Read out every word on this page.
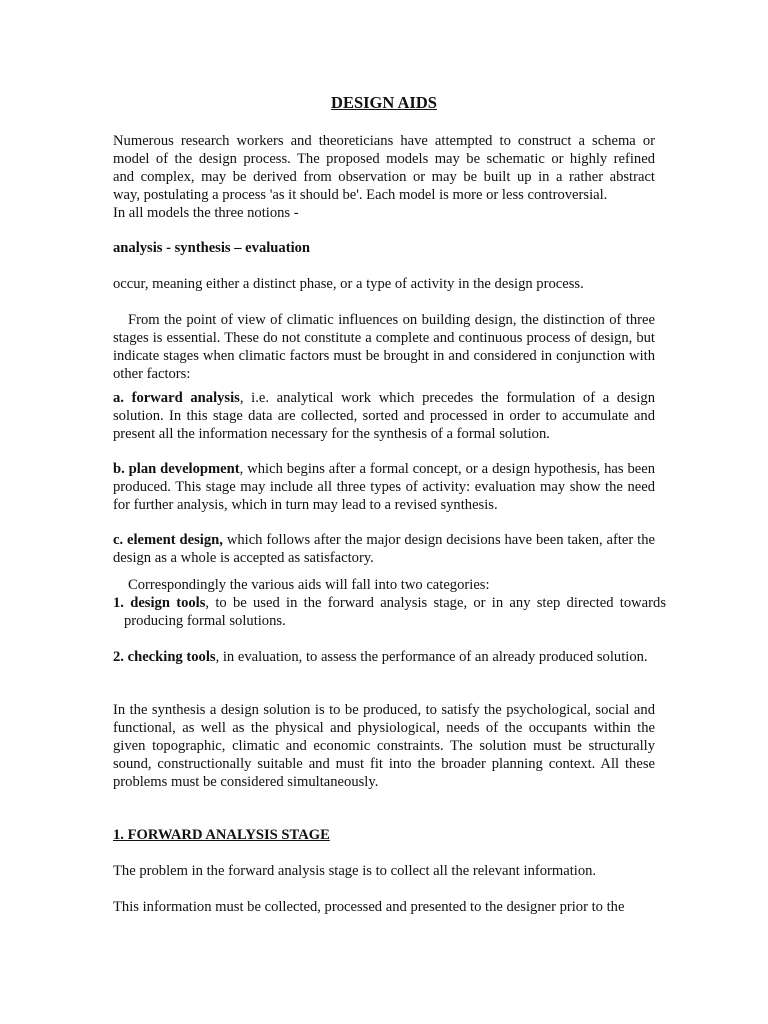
DESIGN AIDS
Numerous research workers and theoreticians have attempted to construct a schema or
model of the design process. The proposed models may be schematic or highly refined
and complex, may be derived from observation or may be built up in a rather abstract
way, postulating a process 'as it should be'. Each model is more or less controversial.
In all models the three notions -

analysis - synthesis – evaluation

occur, meaning either a distinct phase, or a type of activity in the design process.

From the point of view of climatic influences on building design, the distinction of three stages is essential. These do not constitute a complete and continuous process of design, but indicate stages when climatic factors must be brought in and considered in conjunction with other factors:

a. forward analysis, i.e. analytical work which precedes the formulation of a design solution. In this stage data are collected, sorted and processed in order to accumulate and present all the information necessary for the synthesis of a formal solution.

b. plan development, which begins after a formal concept, or a design hypothesis, has been produced. This stage may include all three types of activity: evaluation may show the need for further analysis, which in turn may lead to a revised synthesis.

c. element design, which follows after the major design decisions have been taken, after the design as a whole is accepted as satisfactory.

Correspondingly the various aids will fall into two categories:

1. design tools, to be used in the forward analysis stage, or in any step directed towards producing formal solutions.

2. checking tools, in evaluation, to assess the performance of an already produced solution.

In the synthesis a design solution is to be produced, to satisfy the psychological, social and functional, as well as the physical and physiological, needs of the occupants within the given topographic, climatic and economic constraints. The solution must be structurally sound, constructionally suitable and must fit into the broader planning context. All these problems must be considered simultaneously.

1. FORWARD ANALYSIS STAGE

The problem in the forward analysis stage is to collect all the relevant information.

This information must be collected, processed and presented to the designer prior to the
